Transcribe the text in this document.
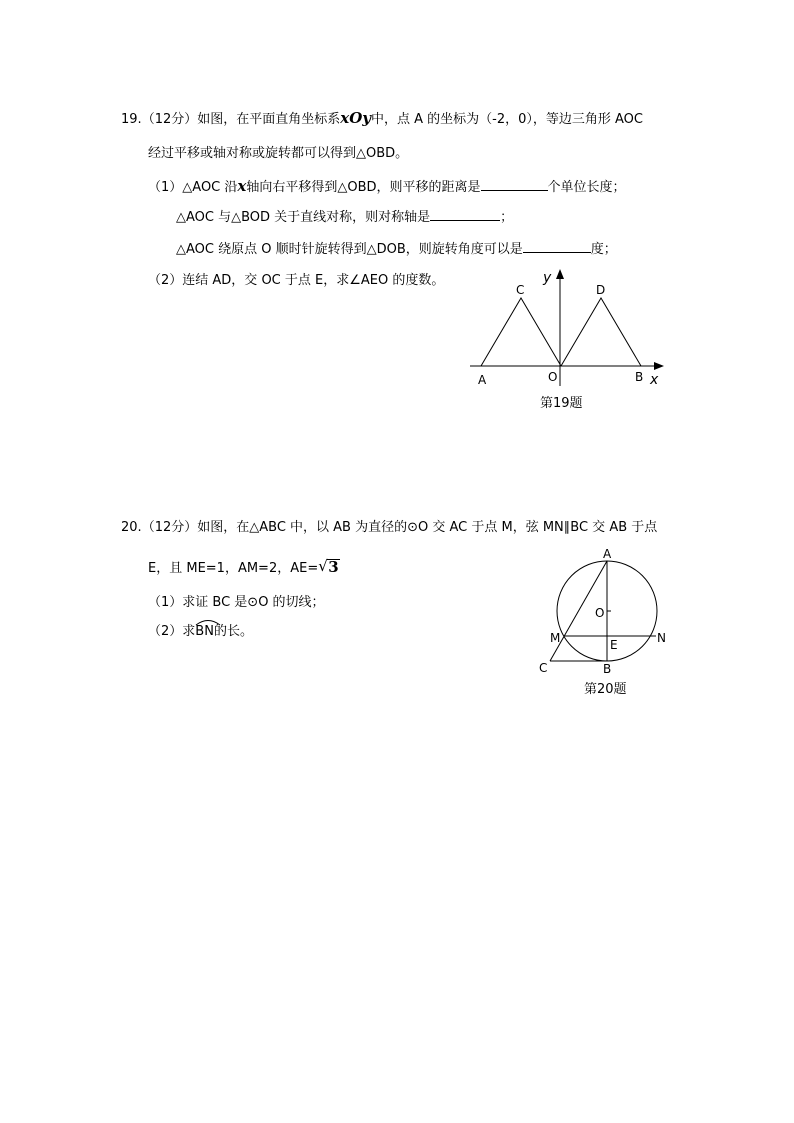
19.（12分）如图，在平面直角坐标系xOy中，点 A 的坐标为（-2，0），等边三角形 AOC
经过平移或轴对称或旋转都可以得到△OBD。
（1）△AOC 沿x轴向右平移得到△OBD，则平移的距离是	个单位长度；
△AOC 与△BOD 关于直线对称，则对称轴是	；
△AOC 绕原点 O 顺时针旋转得到△DOB，则旋转角度可以是	度；
（2）连结 AD，交 OC 于点 E，求∠AEO 的度数。
A	O	B
C	D
x
y
第19题
20.（12分）如图，在△ABC 中，以 AB 为直径的⊙O 交 AC 于点 M，弦 MN∥BC 交 AB 于点
E，且 ME=1，AM=2，AE= √ 3
（1）求证 BC 是⊙O 的切线；
（2）求
BN的长。
A
O
M	E	N
C	B
第20题
